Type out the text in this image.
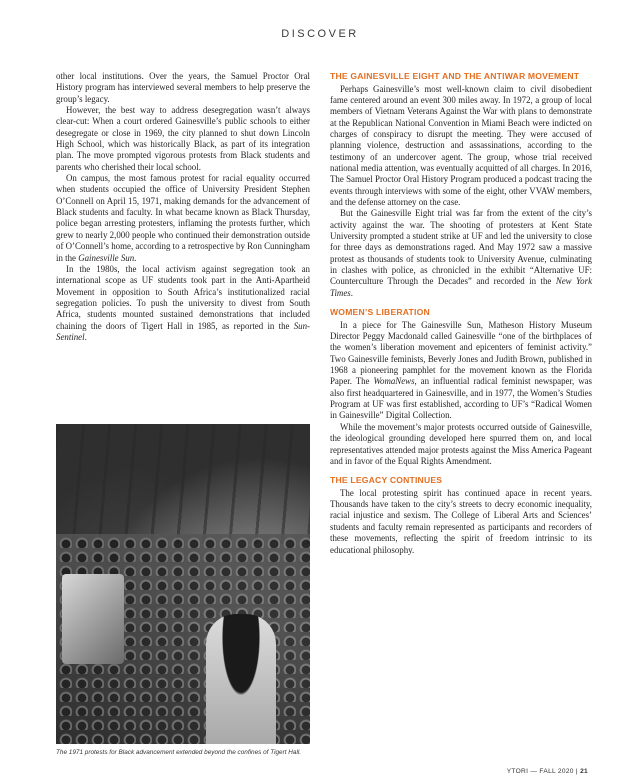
DISCOVER

other local institutions. Over the years, the Samuel Proctor Oral History program has interviewed several members to help preserve the group’s legacy.

However, the best way to address desegregation wasn’t always clear-cut: When a court ordered Gainesville’s public schools to either desegregate or close in 1969, the city planned to shut down Lincoln High School, which was historically Black, as part of its integration plan. The move prompted vigorous protests from Black students and parents who cherished their local school.

On campus, the most famous protest for racial equality occurred when students occupied the office of University President Stephen O’Connell on April 15, 1971, making demands for the advancement of Black students and faculty. In what became known as Black Thursday, police began arresting protesters, inflaming the protests further, which grew to nearly 2,000 people who continued their demonstration outside of O’Connell’s home, according to a retrospective by Ron Cunningham in the Gainesville Sun.

In the 1980s, the local activism against segregation took an international scope as UF students took part in the Anti-Apartheid Movement in opposition to South Africa’s institutionalized racial segregation policies. To push the university to divest from South Africa, students mounted sustained demonstrations that included chaining the doors of Tigert Hall in 1985, as reported in the Sun-Sentinel.

The 1971 protests for Black advancement extended beyond the confines of Tigert Hall.
THE GAINESVILLE EIGHT AND THE ANTIWAR MOVEMENT

Perhaps Gainesville’s most well-known claim to civil disobedient fame centered around an event 300 miles away. In 1972, a group of local members of Vietnam Veterans Against the War with plans to demonstrate at the Republican National Convention in Miami Beach were indicted on charges of conspiracy to disrupt the meeting. They were accused of planning violence, destruction and assassinations, according to the testimony of an undercover agent. The group, whose trial received national media attention, was eventually acquitted of all charges. In 2016, The Samuel Proctor Oral History Program produced a podcast tracing the events through interviews with some of the eight, other VVAW members, and the defense attorney on the case.

But the Gainesville Eight trial was far from the extent of the city’s activity against the war. The shooting of protesters at Kent State University prompted a student strike at UF and led the university to close for three days as demonstrations raged. And May 1972 saw a massive protest as thousands of students took to University Avenue, culminating in clashes with police, as chronicled in the exhibit “Alternative UF: Counterculture Through the Decades” and recorded in the New York Times.

WOMEN’S LIBERATION

In a piece for The Gainesville Sun, Matheson History Museum Director Peggy Macdonald called Gainesville “one of the birthplaces of the women’s liberation movement and epicenters of feminist activity.” Two Gainesville feminists, Beverly Jones and Judith Brown, published in 1968 a pioneering pamphlet for the movement known as the Florida Paper. The WomaNews, an influential radical feminist newspaper, was also first headquartered in Gainesville, and in 1977, the Women’s Studies Program at UF was first established, according to UF’s “Radical Women in Gainesville” Digital Collection.

While the movement’s major protests occurred outside of Gainesville, the ideological grounding developed here spurred them on, and local representatives attended major protests against the Miss America Pageant and in favor of the Equal Rights Amendment.

THE LEGACY CONTINUES

The local protesting spirit has continued apace in recent years. Thousands have taken to the city’s streets to decry economic inequality, racial injustice and sexism. The College of Liberal Arts and Sciences’ students and faculty remain represented as participants and recorders of these movements, reflecting the spirit of freedom intrinsic to its educational philosophy.

YTORI — FALL 2020 | 21
